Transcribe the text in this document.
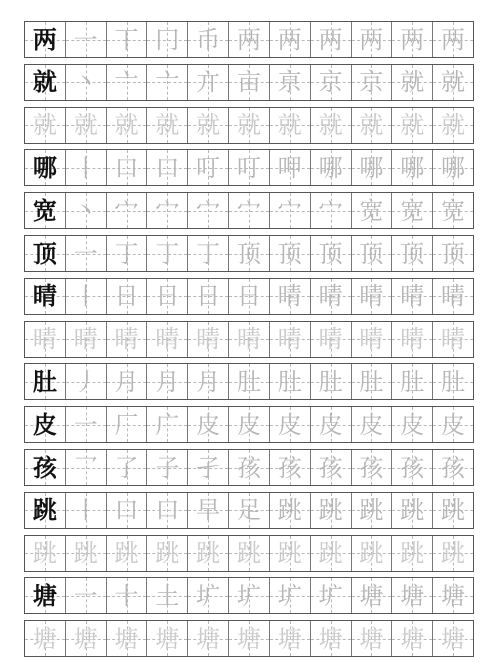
两 一 丅 冂 币 两 两 两 两 两 两
就 丶 亠 亠 亣 亩 亰 京 京 就 就
就 就 就 就 就 就 就 就 就 就 就
哪 丨 口 口 叮 叮 呷 哪 哪 哪 哪
宽 丶 宀 宀 宀 宀 宀 宀 宽 宽 宽
顶 一 丁 丁 丁 顶 顶 顶 顶 顶 顶
晴 丨 日 日 日 日 晴 晴 晴 晴 晴
晴 晴 晴 晴 晴 晴 晴 晴 晴 晴 晴
肚 丿 月 月 月 肚 肚 肚 肚 肚 肚
皮 一 厂 广 皮 皮 皮 皮 皮 皮 皮
孩 乛 了 子 孑 孩 孩 孩 孩 孩 孩
跳 丨 口 口 早 足 跳 跳 跳 跳 跳
跳 跳 跳 跳 跳 跳 跳 跳 跳 跳 跳
塘 一 十 土 圹 圹 圹 圹 塘 塘 塘
塘 塘 塘 塘 塘 塘 塘 塘 塘 塘 塘
